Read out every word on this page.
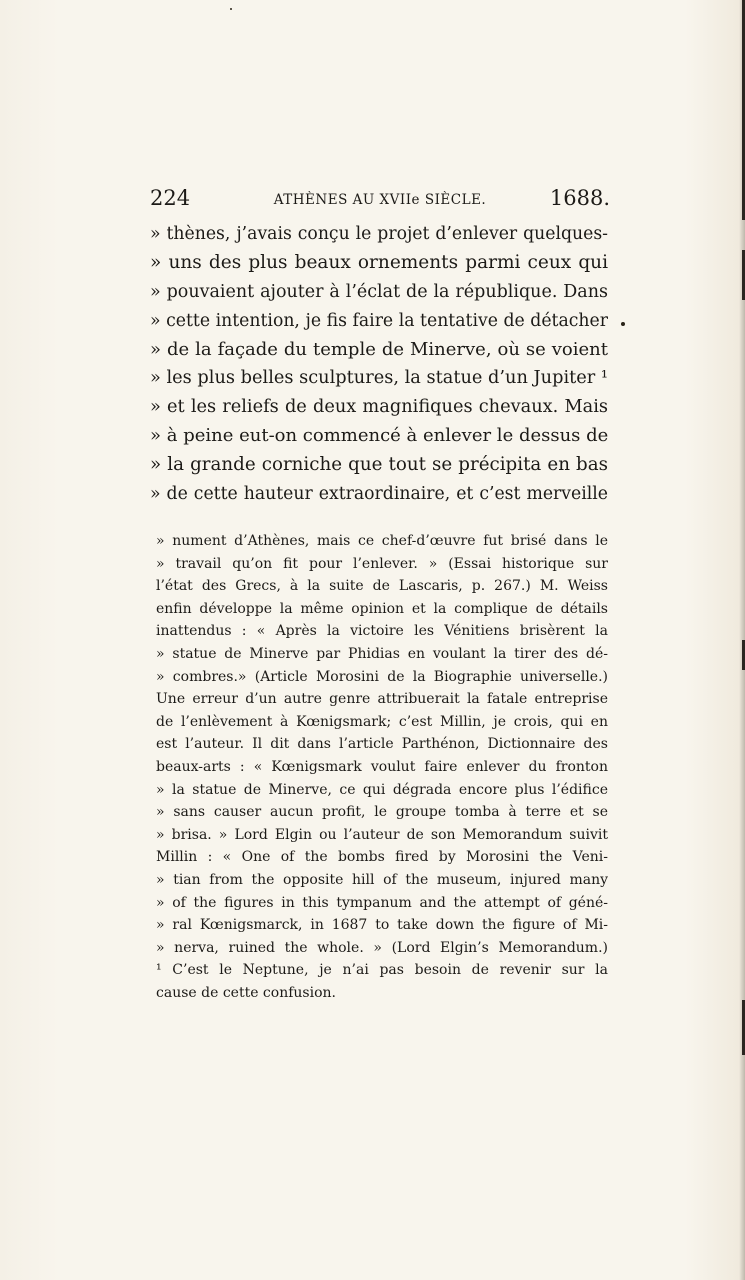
224	ATHÈNES AU XVIIe SIÈCLE.	1688.
» thènes, j’avais conçu le projet d’enlever quelques-
» uns des plus beaux ornements parmi ceux qui
» pouvaient ajouter à l’éclat de la république. Dans
» cette intention, je fis faire la tentative de détacher
» de la façade du temple de Minerve, où se voient
» les plus belles sculptures, la statue d’un Jupiter ¹
» et les reliefs de deux magnifiques chevaux. Mais
» à peine eut-on commencé à enlever le dessus de
» la grande corniche que tout se précipita en bas
» de cette hauteur extraordinaire, et c’est merveille
» nument d’Athènes, mais ce chef-d’œuvre fut brisé dans le
» travail qu’on fit pour l’enlever. » (Essai historique sur
l’état des Grecs, à la suite de Lascaris, p. 267.) M. Weiss
enfin développe la même opinion et la complique de détails
inattendus : « Après la victoire les Vénitiens brisèrent la
» statue de Minerve par Phidias en voulant la tirer des dé-
» combres.» (Article Morosini de la Biographie universelle.)
Une erreur d’un autre genre attribuerait la fatale entreprise
de l’enlèvement à Kœnigsmark; c’est Millin, je crois, qui en
est l’auteur. Il dit dans l’article Parthénon, Dictionnaire des
beaux-arts : « Kœnigsmark voulut faire enlever du fronton
» la statue de Minerve, ce qui dégrada encore plus l’édifice
» sans causer aucun profit, le groupe tomba à terre et se
» brisa. » Lord Elgin ou l’auteur de son Memorandum suivit
Millin : « One of the bombs fired by Morosini the Veni-
» tian from the opposite hill of the museum, injured many
» of the figures in this tympanum and the attempt of géné-
» ral Kœnigsmarck, in 1687 to take down the figure of Mi-
» nerva, ruined the whole. » (Lord Elgin’s Memorandum.)
¹ C’est le Neptune, je n’ai pas besoin de revenir sur la
cause de cette confusion.
